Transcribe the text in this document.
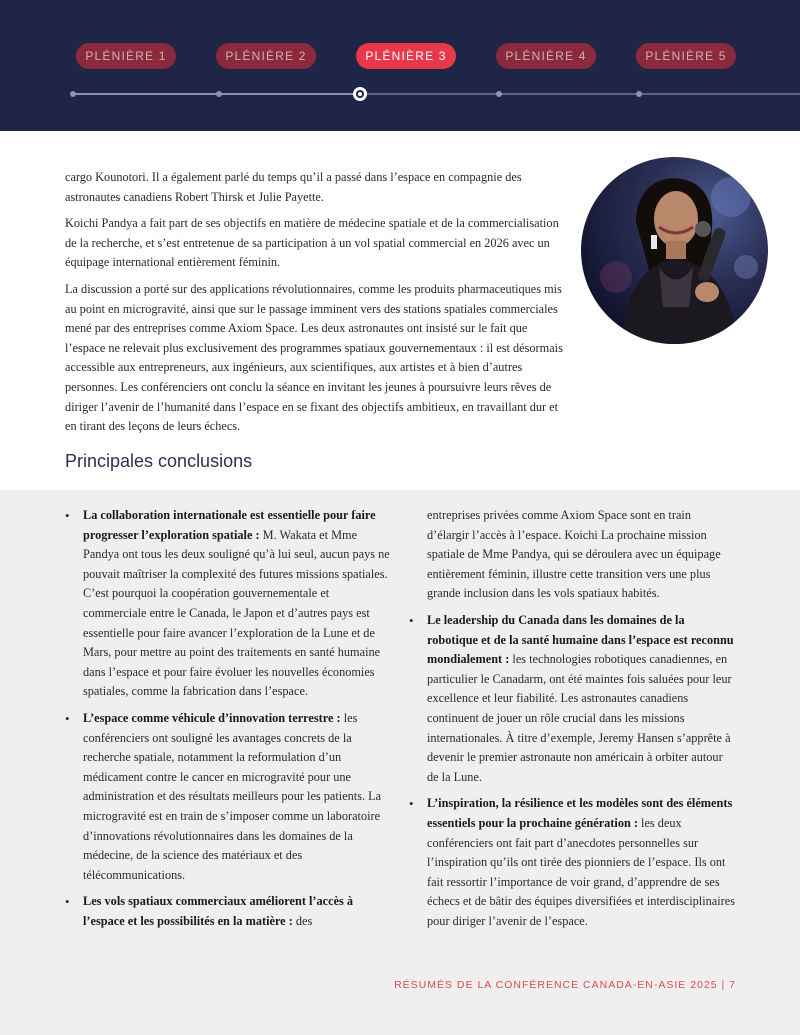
PLÉNIÈRE 1	PLÉNIÈRE 2	PLÉNIÈRE 3	PLÉNIÈRE 4	PLÉNIÈRE 5

cargo Kounotori. Il a également parlé du temps qu’il a passé dans l’espace en compagnie des astronautes canadiens Robert Thirsk et Julie Payette.

Koichi Pandya a fait part de ses objectifs en matière de médecine spatiale et de la commercialisation de la recherche, et s’est entretenue de sa participation à un vol spatial commercial en 2026 avec un équipage international entièrement féminin.

La discussion a porté sur des applications révolutionnaires, comme les produits pharmaceutiques mis au point en microgravité, ainsi que sur le passage imminent vers des stations spatiales commerciales mené par des entreprises comme Axiom Space. Les deux astronautes ont insisté sur le fait que l’espace ne relevait plus exclusivement des programmes spatiaux gouvernementaux : il est désormais accessible aux entrepreneurs, aux ingénieurs, aux scientifiques, aux artistes et à bien d’autres personnes. Les conférenciers ont conclu la séance en invitant les jeunes à poursuivre leurs rêves de diriger l’avenir de l’humanité dans l’espace en se fixant des objectifs ambitieux, en travaillant dur et en tirant des leçons de leurs échecs.

Principales conclusions
• La collaboration internationale est essentielle pour faire progresser l’exploration spatiale : M. Wakata et Mme Pandya ont tous les deux souligné qu’à lui seul, aucun pays ne pouvait maîtriser la complexité des futures missions spatiales. C’est pourquoi la coopération gouvernementale et commerciale entre le Canada, le Japon et d’autres pays est essentielle pour faire avancer l’exploration de la Lune et de Mars, pour mettre au point des traitements en santé humaine dans l’espace et pour faire évoluer les nouvelles économies spatiales, comme la fabrication dans l’espace.
• L’espace comme véhicule d’innovation terrestre : les conférenciers ont souligné les avantages concrets de la recherche spatiale, notamment la reformulation d’un médicament contre le cancer en microgravité pour une administration et des résultats meilleurs pour les patients. La microgravité est en train de s’imposer comme un laboratoire d’innovations révolutionnaires dans les domaines de la médecine, de la science des matériaux et des télécommunications.
• Les vols spatiaux commerciaux améliorent l’accès à l’espace et les possibilités en la matière : des
entreprises privées comme Axiom Space sont en train d’élargir l’accès à l’espace. Koichi La prochaine mission spatiale de Mme Pandya, qui se déroulera avec un équipage entièrement féminin, illustre cette transition vers une plus grande inclusion dans les vols spatiaux habités.
• Le leadership du Canada dans les domaines de la robotique et de la santé humaine dans l’espace est reconnu mondialement : les technologies robotiques canadiennes, en particulier le Canadarm, ont été maintes fois saluées pour leur excellence et leur fiabilité. Les astronautes canadiens continuent de jouer un rôle crucial dans les missions internationales. À titre d’exemple, Jeremy Hansen s’apprête à devenir le premier astronaute non américain à orbiter autour de la Lune.
• L’inspiration, la résilience et les modèles sont des éléments essentiels pour la prochaine génération : les deux conférenciers ont fait part d’anecdotes personnelles sur l’inspiration qu’ils ont tirée des pionniers de l’espace. Ils ont fait ressortir l’importance de voir grand, d’apprendre de ses échecs et de bâtir des équipes diversifiées et interdisciplinaires pour diriger l’avenir de l’espace.
RÉSUMÉS DE LA CONFÉRENCE CANADA-EN-ASIE 2025 | 7
